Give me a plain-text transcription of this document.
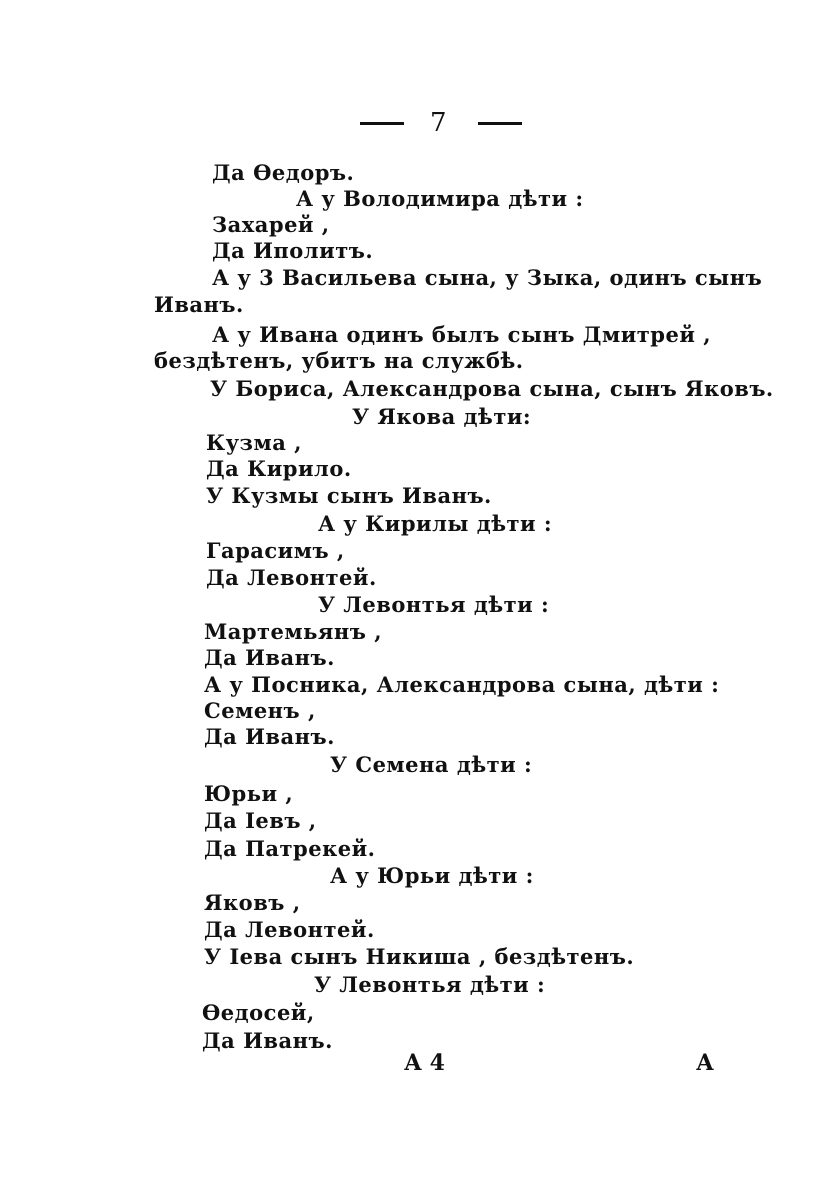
7
Да Өедоръ.
А у Володимира дѣти :
Захарей ,
Да Иполитъ.
А у 3 Васильева сына, у Зыка, одинъ сынъ
Иванъ.
А у Ивана одинъ былъ сынъ Дмитрей ,
бездѣтенъ, убитъ на службѣ.
У Бориса, Александрова сына, сынъ Яковъ.
У Якова дѣти:
Кузма ,
Да Кирило.
У Кузмы сынъ Иванъ.
А у Кирилы дѣти :
Гарасимъ ,
Да Левонтей.
У Левонтья дѣти :
Мартемьянъ ,
Да Иванъ.
А у Посника, Александрова сына, дѣти :
Семенъ ,
Да Иванъ.
У Семена дѣти :
Юрьи ,
Да Іевъ ,
Да Патрекей.
А у Юрьи дѣти :
Яковъ ,
Да Левонтей.
У Іева сынъ Никиша , бездѣтенъ.
У Левонтья дѣти :
Өедосей,
Да Иванъ.
А 4	А
